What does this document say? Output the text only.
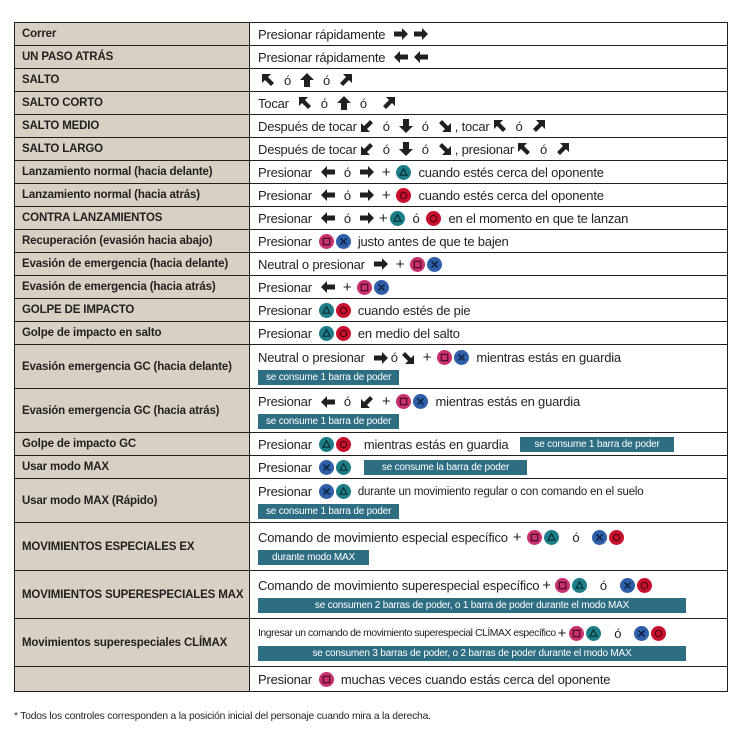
Correr	Presionar rápidamente

UN PASO ATRÁS	Presionar rápidamente

SALTO	ó ó

SALTO CORTO	Tocar ó ó

SALTO MEDIO	Después de tocar ó ó , tocar ó

SALTO LARGO	Después de tocar ó ó , presionar ó

Lanzamiento normal (hacia delante)	Presionar ó + cuando estés cerca del oponente

Lanzamiento normal (hacia atrás)	Presionar ó + cuando estés cerca del oponente

CONTRA LANZAMIENTOS	Presionar ó + ó en el momento en que te lanzan

Recuperación (evasión hacia abajo)	Presionar justo antes de que te bajen

Evasión de emergencia (hacia delante)	Neutral o presionar +

Evasión de emergencia (hacia atrás)	Presionar +

GOLPE DE IMPACTO	Presionar cuando estés de pie

Golpe de impacto en salto	Presionar en medio del salto

Evasión emergencia GC (hacia delante)	Neutral o presionar ó + mientras estás en guardia
se consume 1 barra de poder

Evasión emergencia GC (hacia atrás)	Presionar ó + mientras estás en guardia
se consume 1 barra de poder

Golpe de impacto GC	Presionar mientras estás en guardia se consume 1 barra de poder

Usar modo MAX	Presionar se consume la barra de poder

Usar modo MAX (Rápido)	Presionar durante un movimiento regular o con comando en el suelo
se consume 1 barra de poder

MOVIMIENTOS ESPECIALES EX	Comando de movimiento especial específico + ó
durante modo MAX

MOVIMIENTOS SUPERESPECIALES MAX	Comando de movimiento superespecial específico + ó
se consumen 2 barras de poder, o 1 barra de poder durante el modo MAX

Movimientos superespeciales CLÍMAX	Ingresar un comando de movimiento superespecial CLÍMAX específico + ó
se consumen 3 barras de poder, o 2 barras de poder durante el modo MAX

	Presionar muchas veces cuando estás cerca del oponente
* Todos los controles corresponden a la posición inicial del personaje cuando mira a la derecha.
